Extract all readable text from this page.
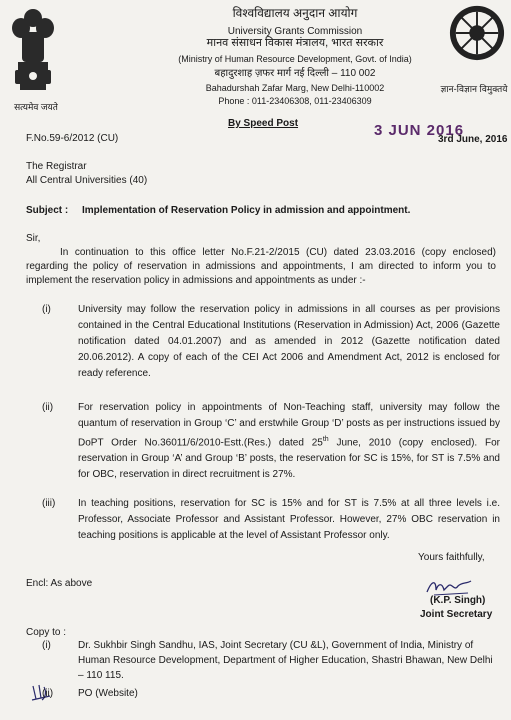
सत्यमेव जयते
ज्ञान-विज्ञान विमुक्तये
विश्वविद्यालय अनुदान आयोग
University Grants Commission
मानव संसाधन विकास मंत्रालय, भारत सरकार
(Ministry of Human Resource Development, Govt. of India)
बहादुरशाह ज़फर मार्ग नई दिल्ली – 110 002
Bahadurshah Zafar Marg, New Delhi-110002
Phone : 011-23406308, 011-23406309
By Speed Post	3 JUN 2016
F.No.59-6/2012 (CU)	3rd June, 2016
The Registrar
All Central Universities (40)
Subject : Implementation of Reservation Policy in admission and appointment.
Sir,
In continuation to this office letter No.F.21-2/2015 (CU) dated 23.03.2016 (copy enclosed) regarding the policy of reservation in admissions and appointments, I am directed to inform you to implement the reservation policy in admissions and appointments as under :-
(i)	University may follow the reservation policy in admissions in all courses as per provisions contained in the Central Educational Institutions (Reservation in Admission) Act, 2006 (Gazette notification dated 04.01.2007) and as amended in 2012 (Gazette notification dated 20.06.2012). A copy of each of the CEI Act 2006 and Amendment Act, 2012 is enclosed for ready reference.
(ii) For reservation policy in appointments of Non-Teaching staff, university may follow the quantum of reservation in Group ‘C’ and erstwhile Group ‘D’ posts as per instructions issued by DoPT Order No.36011/6/2010-Estt.(Res.) dated 25th June, 2010 (copy enclosed). For reservation in Group ‘A’ and Group ‘B’ posts, the reservation for SC is 15%, for ST is 7.5% and for OBC, reservation in direct recruitment is 27%.
(iii) In teaching positions, reservation for SC is 15% and for ST is 7.5% at all three levels i.e. Professor, Associate Professor and Assistant Professor. However, 27% OBC reservation in teaching positions is applicable at the level of Assistant Professor only.
Yours faithfully,
(K.P. Singh)
Joint Secretary
Encl: As above
Copy to :
(i)	Dr. Sukhbir Singh Sandhu, IAS, Joint Secretary (CU &L), Government of India, Ministry of Human Resource Development, Department of Higher Education, Shastri Bhawan, New Delhi – 110 115.
(ii) PO (Website)
